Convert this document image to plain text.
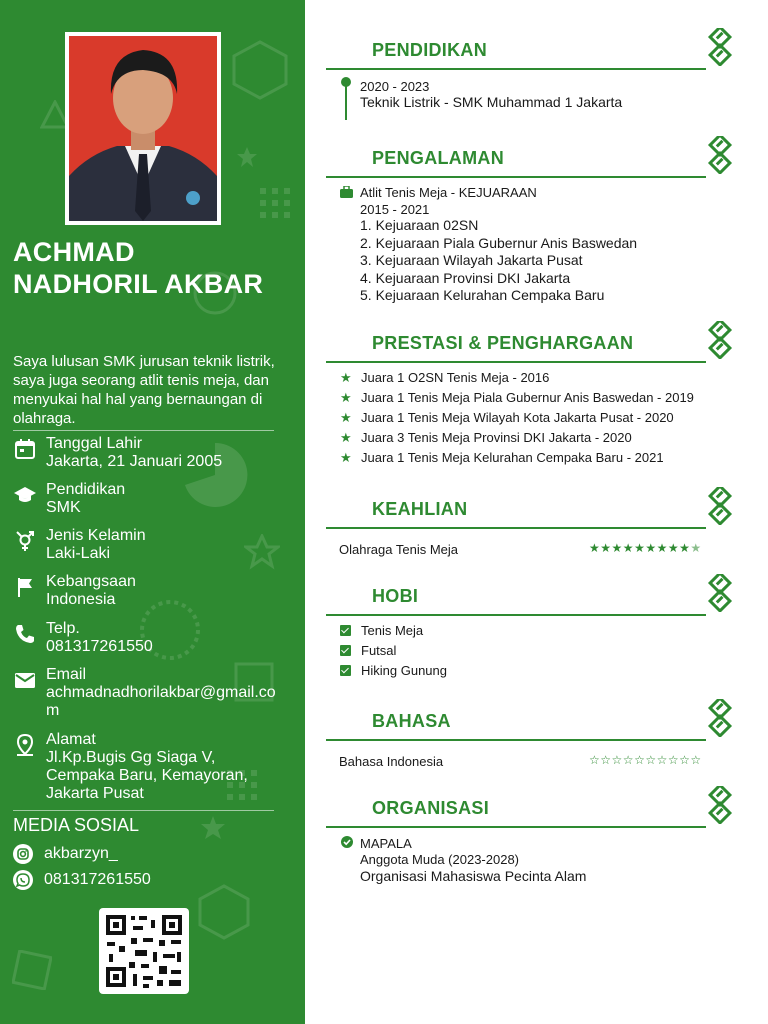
ACHMAD
NADHORIL AKBAR
Saya lulusan SMK jurusan teknik listrik, saya juga seorang atlit tenis meja, dan menyukai hal hal yang bernaungan di olahraga.
Tanggal Lahir
Jakarta, 21 Januari 2005
Pendidikan
SMK
Jenis Kelamin
Laki-Laki
Kebangsaan
Indonesia
Telp.
081317261550
Email
achmadnadhorilakbar@gmail.com
Alamat
Jl.Kp.Bugis Gg Siaga V, Cempaka Baru, Kemayoran, Jakarta Pusat
MEDIA SOSIAL
akbarzyn_
081317261550
PENDIDIKAN
2020 - 2023
Teknik Listrik - SMK Muhammad 1 Jakarta
PENGALAMAN
Atlit Tenis Meja - KEJUARAAN
2015 - 2021
1. Kejuaraan 02SN
2. Kejuaraan Piala Gubernur Anis Baswedan
3. Kejuaraan Wilayah Jakarta Pusat
4. Kejuaraan Provinsi DKI Jakarta
5. Kejuaraan Kelurahan Cempaka Baru
PRESTASI & PENGHARGAAN
★ Juara 1 O2SN Tenis Meja - 2016
★ Juara 1 Tenis Meja Piala Gubernur Anis Baswedan - 2019
★ Juara 1 Tenis Meja Wilayah Kota Jakarta Pusat - 2020
★ Juara 3 Tenis Meja Provinsi DKI Jakarta - 2020
★ Juara 1 Tenis Meja Kelurahan Cempaka Baru - 2021
KEAHLIAN
Olahraga Tenis Meja	★★★★★★★★★★
HOBI
Tenis Meja
Futsal
Hiking Gunung
BAHASA
Bahasa Indonesia	☆☆☆☆☆☆☆☆☆☆
ORGANISASI
MAPALA
Anggota Muda (2023-2028)
Organisasi Mahasiswa Pecinta Alam
